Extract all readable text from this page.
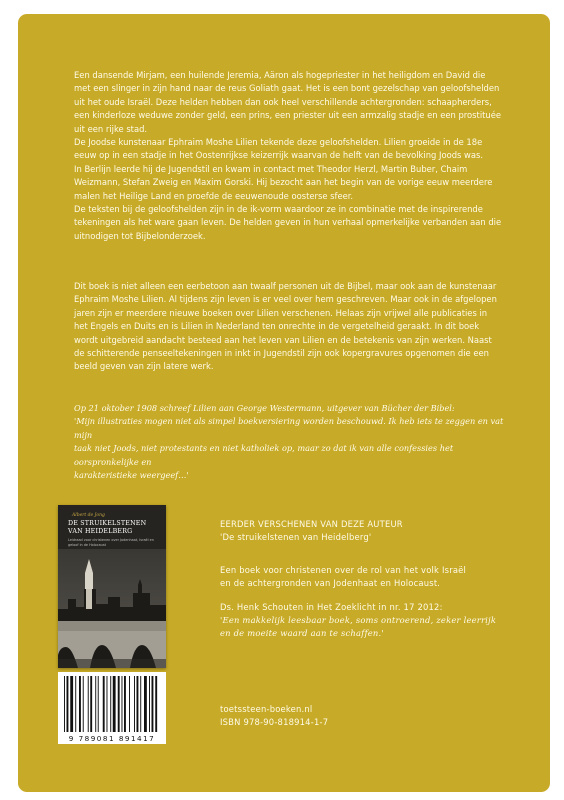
Een dansende Mirjam, een huilende Jeremia, Aäron als hogepriester in het heiligdom en David die
met een slinger in zijn hand naar de reus Goliath gaat. Het is een bont gezelschap van geloofshelden
uit het oude Israël. Deze helden hebben dan ook heel verschillende achtergronden: schaapherders,
een kinderloze weduwe zonder geld, een prins, een priester uit een armzalig stadje en een prostituée
uit een rijke stad.
De Joodse kunstenaar Ephraim Moshe Lilien tekende deze geloofshelden. Lilien groeide in de 18e
eeuw op in een stadje in het Oostenrijkse keizerrijk waarvan de helft van de bevolking Joods was.
In Berlijn leerde hij de Jugendstil en kwam in contact met Theodor Herzl, Martin Buber, Chaim
Weizmann, Stefan Zweig en Maxim Gorski. Hij bezocht aan het begin van de vorige eeuw meerdere
malen het Heilige Land en proefde de eeuwenoude oosterse sfeer.
De teksten bij de geloofshelden zijn in de ik-vorm waardoor ze in combinatie met de inspirerende
tekeningen als het ware gaan leven. De helden geven in hun verhaal opmerkelijke verbanden aan die
uitnodigen tot Bijbelonderzoek.
Dit boek is niet alleen een eerbetoon aan twaalf personen uit de Bijbel, maar ook aan de kunstenaar
Ephraim Moshe Lilien. Al tijdens zijn leven is er veel over hem geschreven. Maar ook in de afgelopen
jaren zijn er meerdere nieuwe boeken over Lilien verschenen. Helaas zijn vrijwel alle publicaties in
het Engels en Duits en is Lilien in Nederland ten onrechte in de vergetelheid geraakt. In dit boek
wordt uitgebreid aandacht besteed aan het leven van Lilien en de betekenis van zijn werken. Naast
de schitterende penseeltekeningen in inkt in Jugendstil zijn ook kopergravures opgenomen die een
beeld geven van zijn latere werk.
Op 21 oktober 1908 schreef Lilien aan George Westermann, uitgever van Bücher der Bibel:
'Mijn illustraties mogen niet als simpel boekversiering worden beschouwd. Ik heb iets te zeggen en vat mijn
taak niet Joods, niet protestants en niet katholiek op, maar zo dat ik van alle confessies het oorspronkelijke en
karakteristieke weergeef…'
EERDER VERSCHENEN VAN DEZE AUTEUR
'De struikelstenen van Heidelberg'
Een boek voor christenen over de rol van het volk Israël
en de achtergronden van Jodenhaat en Holocaust.
Ds. Henk Schouten in Het Zoeklicht in nr. 17 2012:
'Een makkelijk leesbaar boek, soms ontroerend, zeker leerrijk
en de moeite waard aan te schaffen.'
toetssteen-boeken.nl
ISBN 978-90-818914-1-7
Albert de Jong
DE STRUIKELSTENEN
VAN HEIDELBERG
Leidraad voor christenen over Jodenhaat, Israël en geloof in de Holocaust
9 789081 891417
